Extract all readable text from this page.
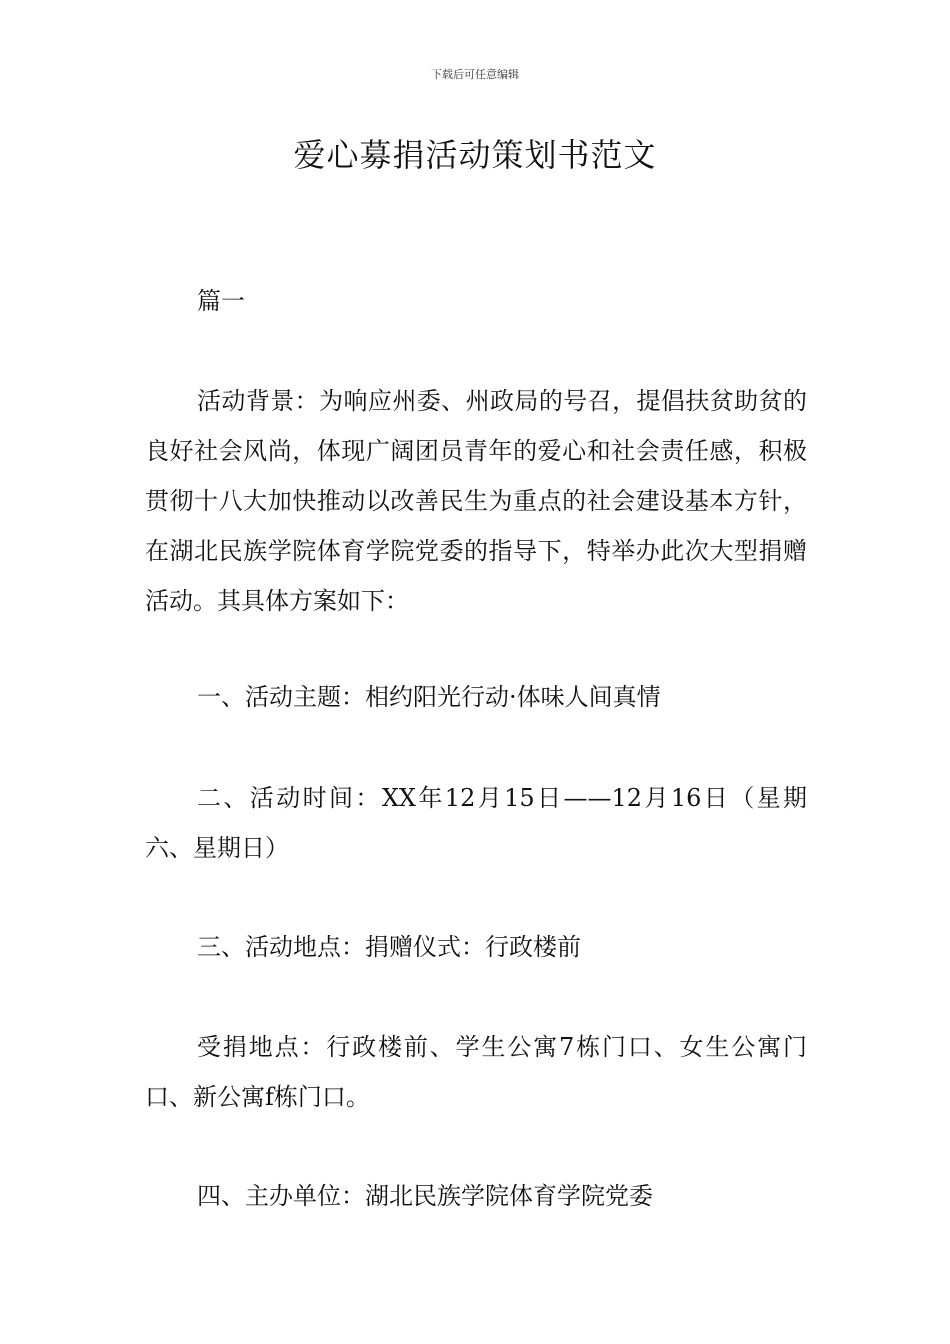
下载后可任意编辑
爱心募捐活动策划书范文

篇一

活动背景：为响应州委、州政局的号召，提倡扶贫助贫的良好社会风尚，体现广阔团员青年的爱心和社会责任感，积极贯彻十八大加快推动以改善民生为重点的社会建设基本方针，在湖北民族学院体育学院党委的指导下，特举办此次大型捐赠活动。其具体方案如下：

一、活动主题：相约阳光行动·体味人间真情

二、活动时间：XX年12月15日——12月16日（星期六、星期日）

三、活动地点：捐赠仪式：行政楼前

受捐地点：行政楼前、学生公寓7栋门口、女生公寓门口、新公寓f栋门口。

四、主办单位：湖北民族学院体育学院党委
